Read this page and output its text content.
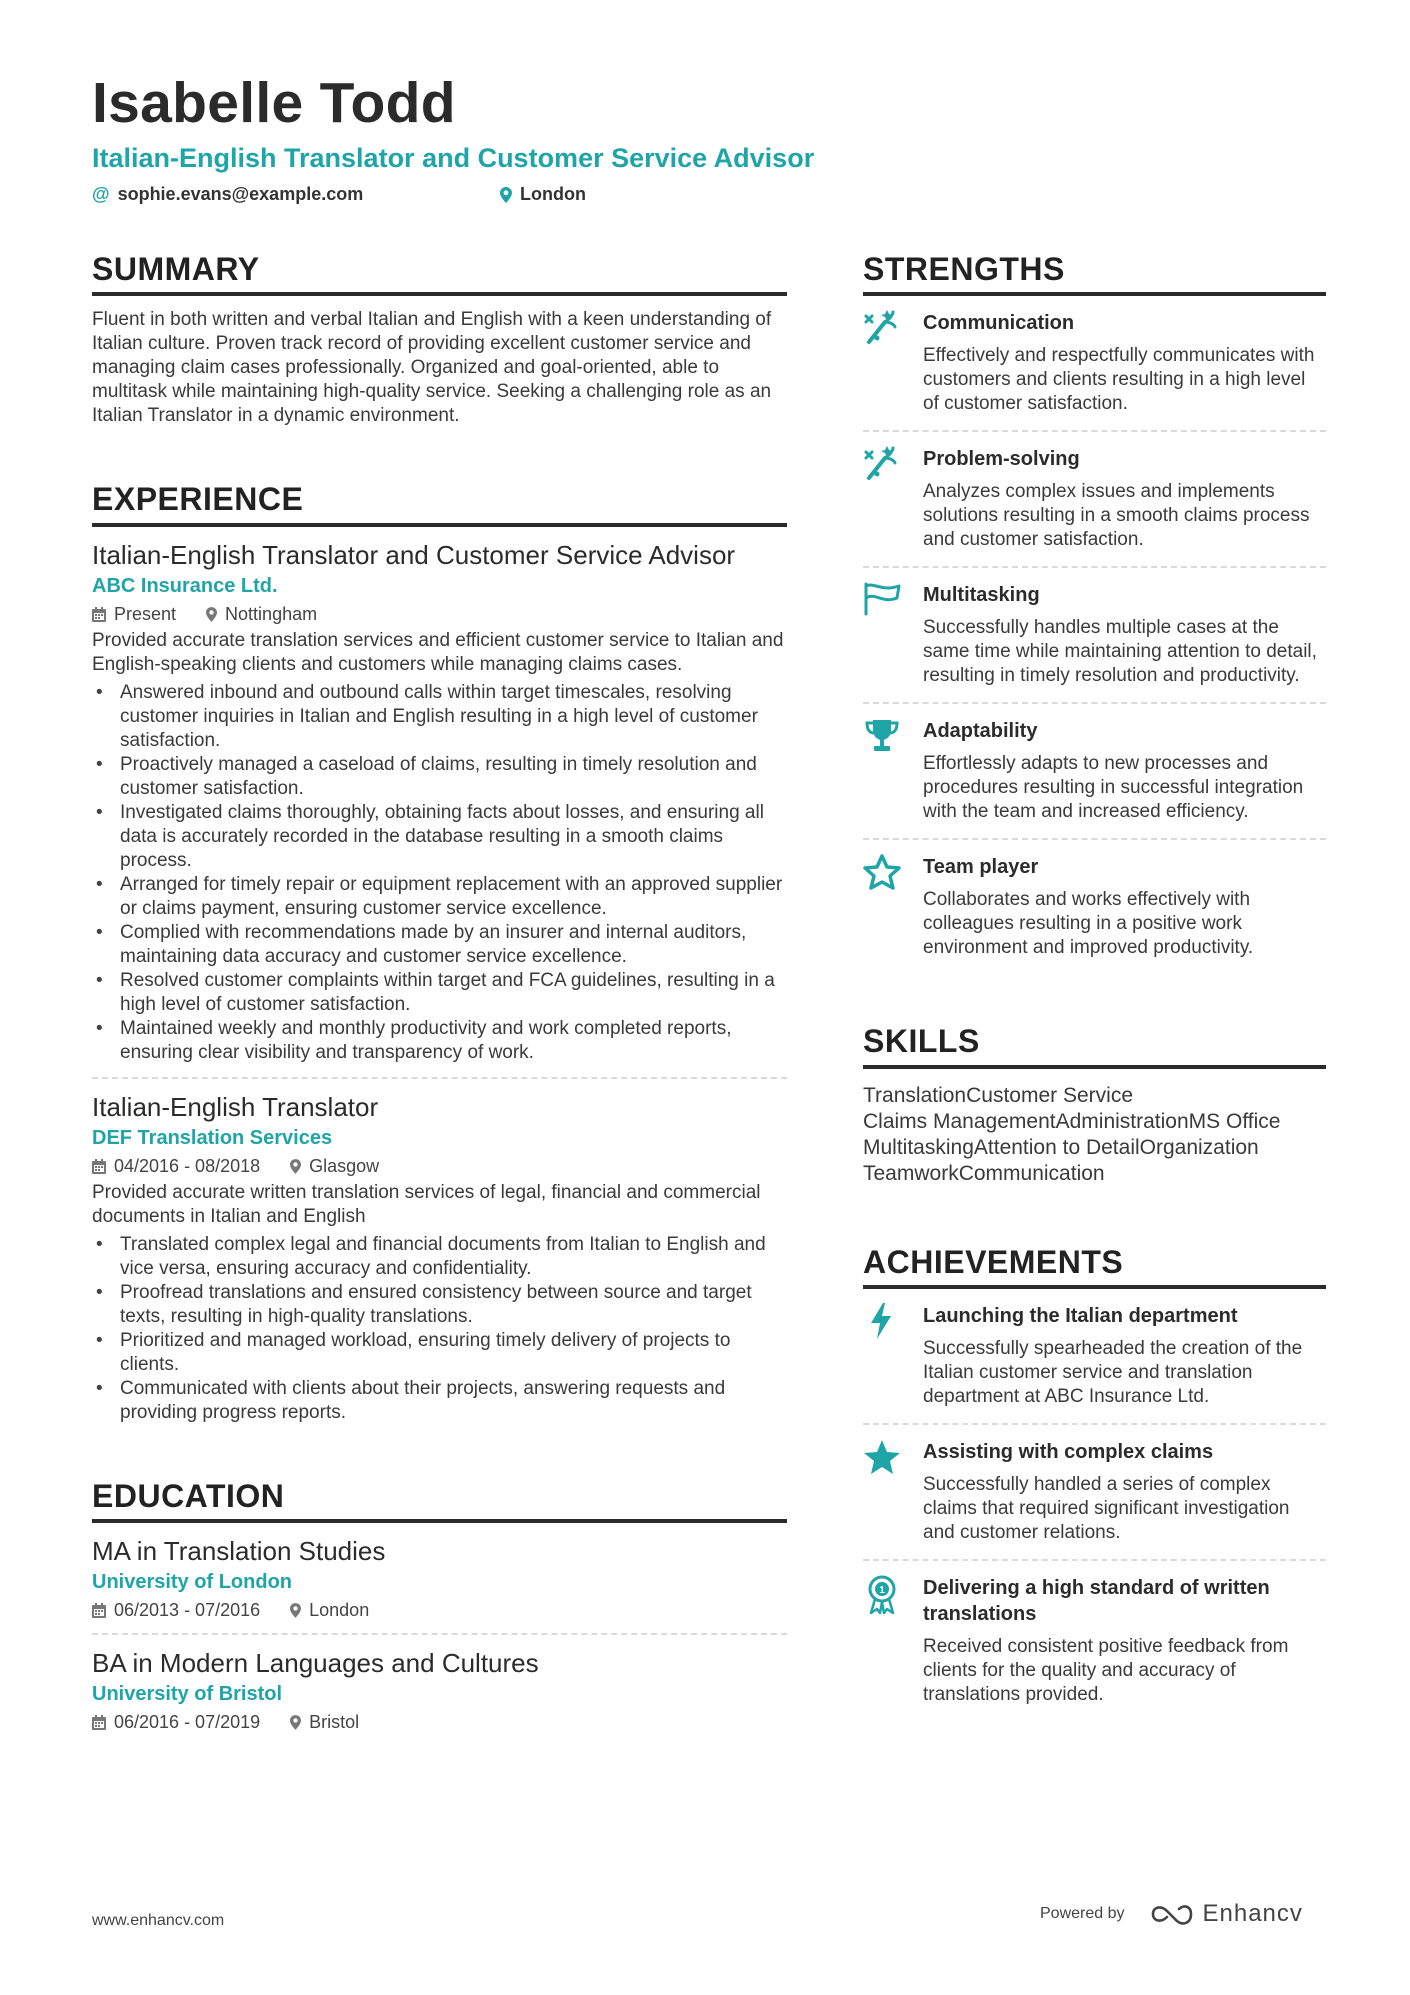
Isabelle Todd
Italian-English Translator and Customer Service Advisor
@ sophie.evans@example.com	London
SUMMARY

Fluent in both written and verbal Italian and English with a keen understanding of Italian culture. Proven track record of providing excellent customer service and managing claim cases professionally. Organized and goal-oriented, able to multitask while maintaining high-quality service. Seeking a challenging role as an Italian Translator in a dynamic environment.

EXPERIENCE
Italian-English Translator and Customer Service Advisor
ABC Insurance Ltd.
Present	Nottingham

Provided accurate translation services and efficient customer service to Italian and English-speaking clients and customers while managing claims cases.

• Answered inbound and outbound calls within target timescales, resolving customer inquiries in Italian and English resulting in a high level of customer satisfaction.
• Proactively managed a caseload of claims, resulting in timely resolution and customer satisfaction.
• Investigated claims thoroughly, obtaining facts about losses, and ensuring all data is accurately recorded in the database resulting in a smooth claims process.
• Arranged for timely repair or equipment replacement with an approved supplier or claims payment, ensuring customer service excellence.
• Complied with recommendations made by an insurer and internal auditors, maintaining data accuracy and customer service excellence.
• Resolved customer complaints within target and FCA guidelines, resulting in a high level of customer satisfaction.
• Maintained weekly and monthly productivity and work completed reports, ensuring clear visibility and transparency of work.
Italian-English Translator
DEF Translation Services
04/2016 - 08/2018	Glasgow

Provided accurate written translation services of legal, financial and commercial documents in Italian and English

• Translated complex legal and financial documents from Italian to English and vice versa, ensuring accuracy and confidentiality.
• Proofread translations and ensured consistency between source and target texts, resulting in high-quality translations.
• Prioritized and managed workload, ensuring timely delivery of projects to clients.
• Communicated with clients about their projects, answering requests and providing progress reports.
EDUCATION
MA in Translation Studies
University of London
06/2013 - 07/2016	London
BA in Modern Languages and Cultures
University of Bristol
06/2016 - 07/2019	Bristol
STRENGTHS
Communication

Effectively and respectfully communicates with customers and clients resulting in a high level of customer satisfaction.

Problem-solving

Analyzes complex issues and implements solutions resulting in a smooth claims process and customer satisfaction.

Multitasking

Successfully handles multiple cases at the same time while maintaining attention to detail, resulting in timely resolution and productivity.

Adaptability

Effortlessly adapts to new processes and procedures resulting in successful integration with the team and increased efficiency.

Team player

Collaborates and works effectively with colleagues resulting in a positive work environment and improved productivity.

SKILLS
TranslationCustomer Service
Claims ManagementAdministrationMS Office
MultitaskingAttention to DetailOrganization
TeamworkCommunication
ACHIEVEMENTS
Launching the Italian department

Successfully spearheaded the creation of the Italian customer service and translation department at ABC Insurance Ltd.

Assisting with complex claims

Successfully handled a series of complex claims that required significant investigation and customer relations.

1 Delivering a high standard of written translations

Received consistent positive feedback from clients for the quality and accuracy of translations provided.

www.enhancv.com	Powered by	Enhancv
